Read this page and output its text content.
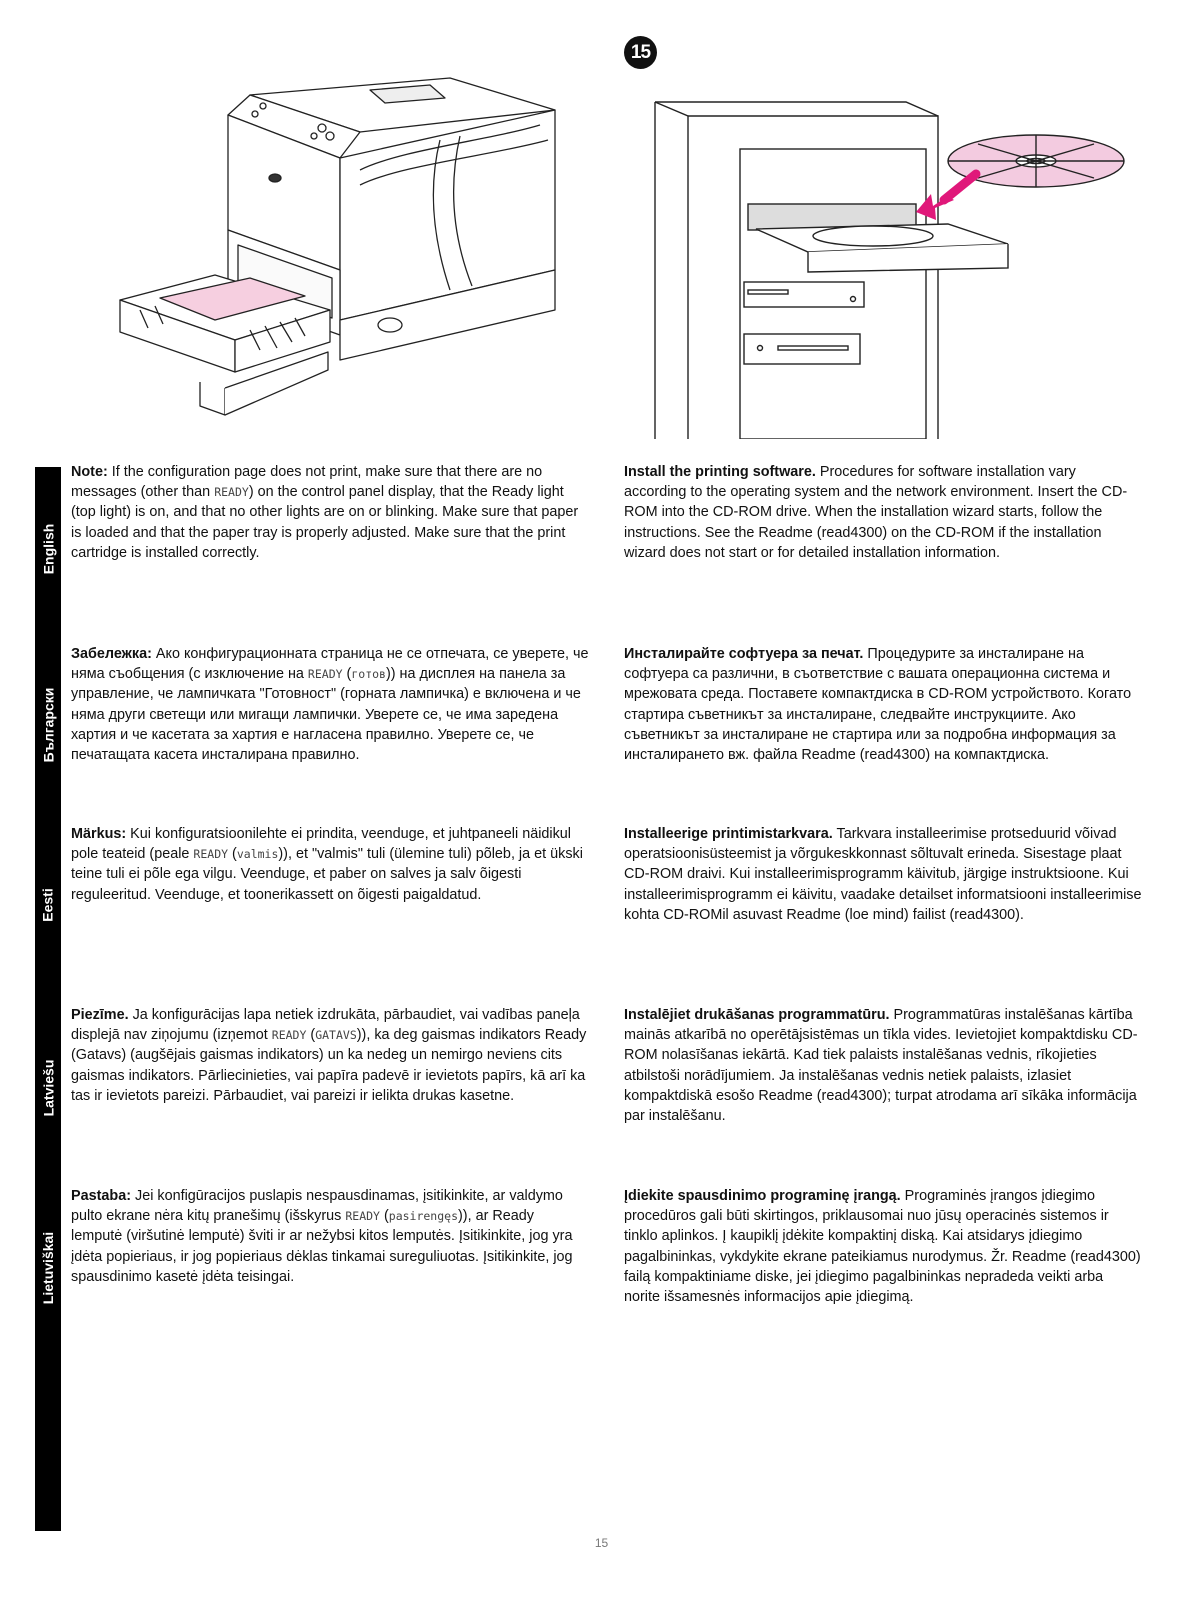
15
English
Български
Eesti
Latviešu
Lietuviškai
Note: If the configuration page does not print, make sure that there are no messages (other than READY) on the control panel display, that the Ready light (top light) is on, and that no other lights are on or blinking. Make sure that paper is loaded and that the paper tray is properly adjusted. Make sure that the print cartridge is installed correctly.
Install the printing software. Procedures for software installation vary according to the operating system and the network environment. Insert the CD-ROM into the CD-ROM drive. When the installation wizard starts, follow the instructions. See the Readme (read4300) on the CD-ROM if the installation wizard does not start or for detailed installation information.
Забележка: Ако конфигурационната страница не се отпечата, се уверете, че няма съобщения (с изключение на READY (готов)) на дисплея на панела за управление, че лампичката "Готовност" (горната лампичка) е включена и че няма други светещи или мигащи лампички. Уверете се, че има заредена хартия и че касетата за хартия е нагласена правилно. Уверете се, че печатащата касета инсталирана правилно.
Инсталирайте софтуера за печат. Процедурите за инсталиране на софтуера са различни, в съответствие с вашата операционна система и мрежовата среда. Поставете компактдиска в CD-ROM устройството. Когато стартира съветникът за инсталиране, следвайте инструкциите. Ако съветникът за инсталиране не стартира или за подробна информация за инсталирането вж. файла Readme (read4300) на компактдиска.
Märkus: Kui konfiguratsioonilehte ei prindita, veenduge, et juhtpaneeli näidikul pole teateid (peale READY (valmis)), et "valmis" tuli (ülemine tuli) põleb, ja et ükski teine tuli ei põle ega vilgu. Veenduge, et paber on salves ja salv õigesti reguleeritud. Veenduge, et toonerikassett on õigesti paigaldatud.
Installeerige printimistarkvara. Tarkvara installeerimise protseduurid võivad operatsioonisüsteemist ja võrgukeskkonnast sõltuvalt erineda. Sisestage plaat CD-ROM draivi. Kui installeerimisprogramm käivitub, järgige instruktsioone. Kui installeerimisprogramm ei käivitu, vaadake detailset informatsiooni installeerimise kohta CD-ROMil asuvast Readme (loe mind) failist (read4300).
Piezīme. Ja konfigurācijas lapa netiek izdrukāta, pārbaudiet, vai vadības paneļa displejā nav ziņojumu (izņemot READY (GATAVS)), ka deg gaismas indikators Ready (Gatavs) (augšējais gaismas indikators) un ka nedeg un nemirgo neviens cits gaismas indikators. Pārliecinieties, vai papīra padevē ir ievietots papīrs, kā arī ka tas ir ievietots pareizi. Pārbaudiet, vai pareizi ir ielikta drukas kasetne.
Instalējiet drukāšanas programmatūru. Programmatūras instalēšanas kārtība mainās atkarībā no operētājsistēmas un tīkla vides. Ievietojiet kompaktdisku CD-ROM nolasīšanas iekārtā. Kad tiek palaists instalēšanas vednis, rīkojieties atbilstoši norādījumiem. Ja instalēšanas vednis netiek palaists, izlasiet kompaktdiskā esošo Readme (read4300); turpat atrodama arī sīkāka informācija par instalēšanu.
Pastaba: Jei konfigūracijos puslapis nespausdinamas, įsitikinkite, ar valdymo pulto ekrane nėra kitų pranešimų (išskyrus READY (pasirengęs)), ar Ready lemputė (viršutinė lemputė) šviti ir ar nežybsi kitos lemputės. Įsitikinkite, jog yra įdėta popieriaus, ir jog popieriaus dėklas tinkamai sureguliuotas. Įsitikinkite, jog spausdinimo kasetė įdėta teisingai.
Įdiekite spausdinimo programinę įrangą. Programinės įrangos įdiegimo procedūros gali būti skirtingos, priklausomai nuo jūsų operacinės sistemos ir tinklo aplinkos. Į kaupiklį įdėkite kompaktinį diską. Kai atsidarys įdiegimo pagalbininkas, vykdykite ekrane pateikiamus nurodymus. Žr. Readme (read4300) failą kompaktiniame diske, jei įdiegimo pagalbininkas nepradeda veikti arba norite išsamesnės informacijos apie įdiegimą.
15
